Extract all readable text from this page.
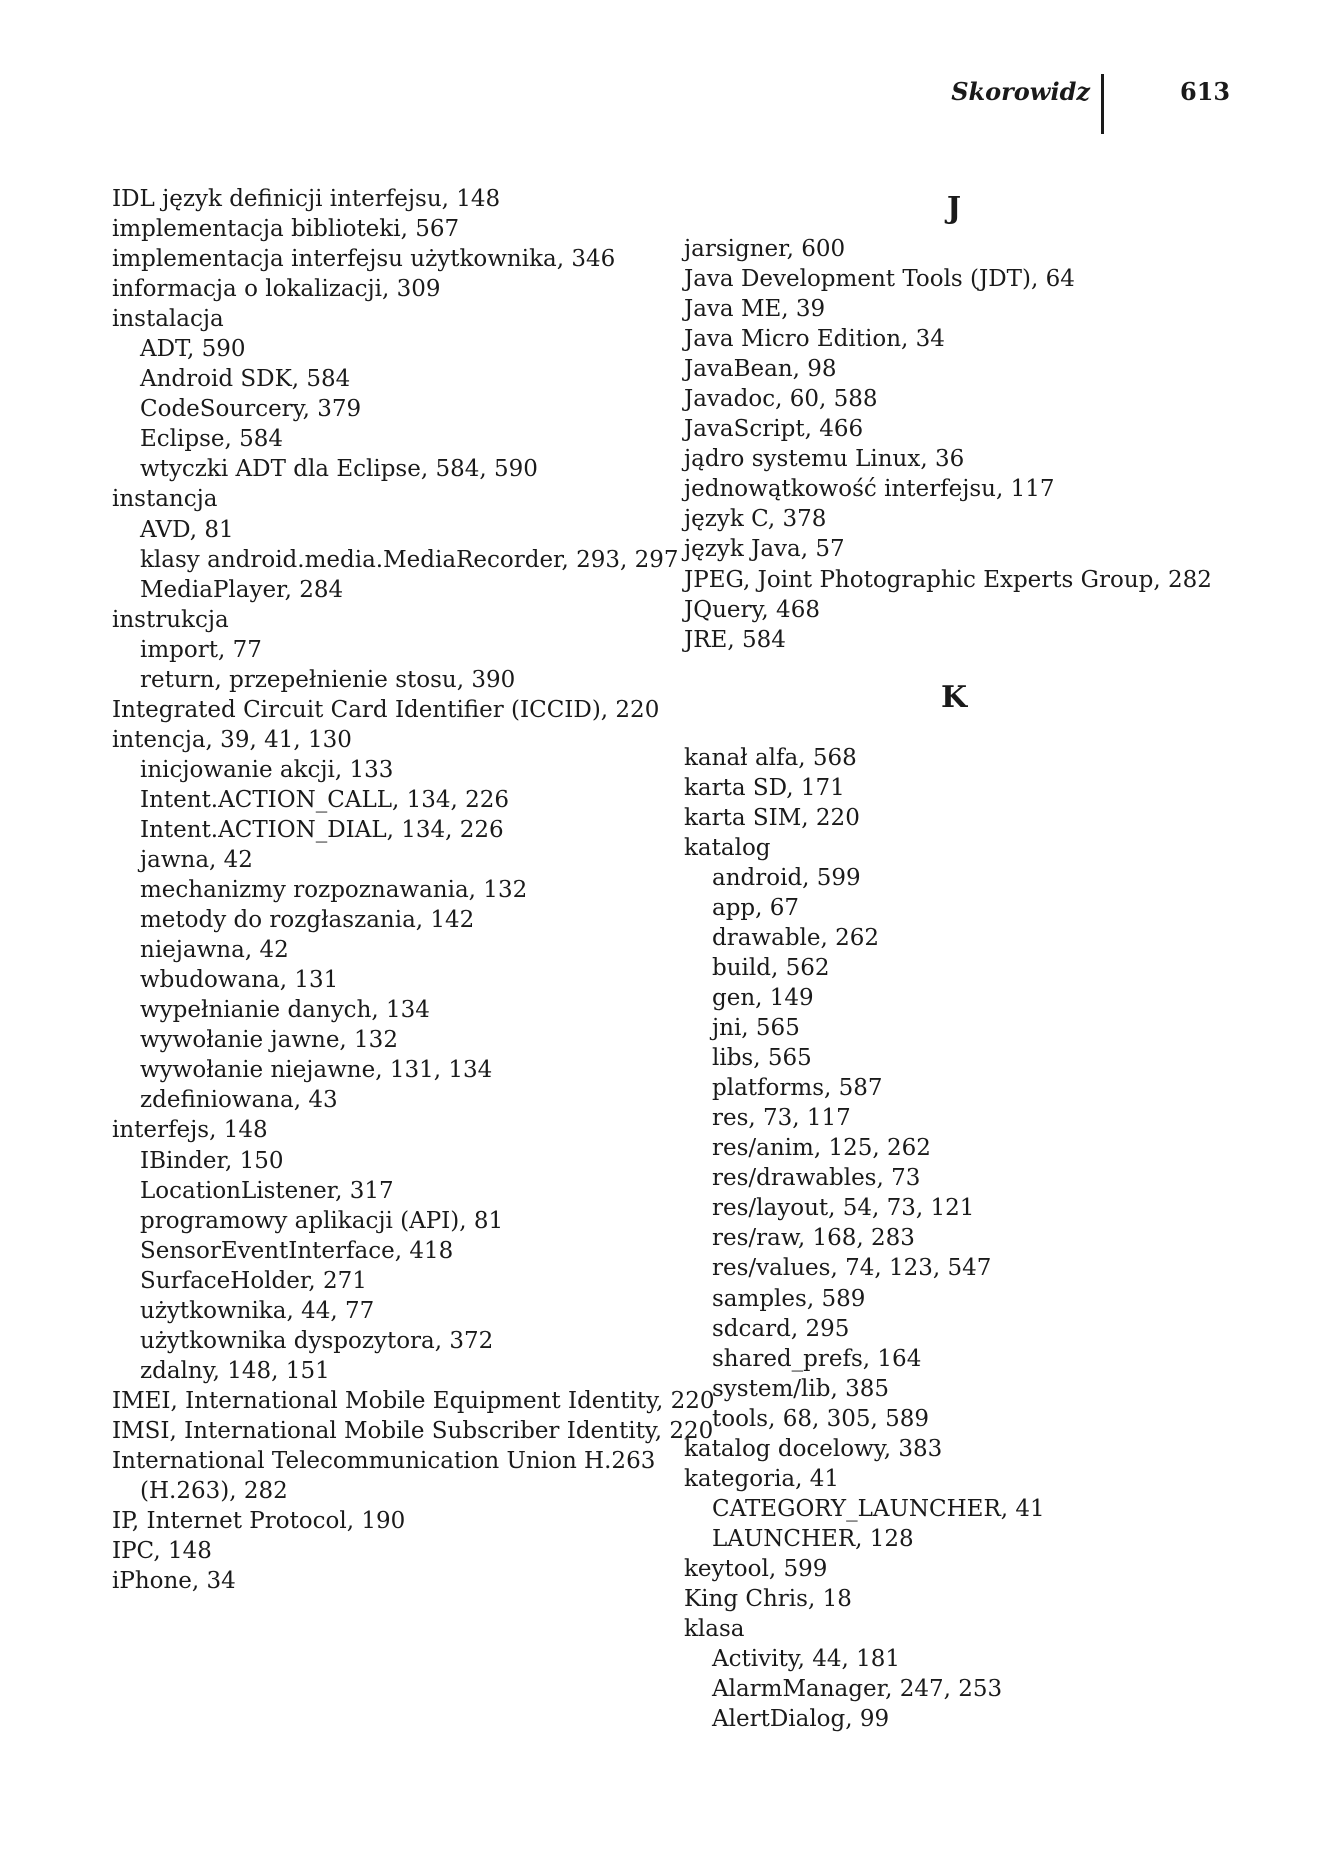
Skorowidz	613
IDL język definicji interfejsu, 148
implementacja biblioteki, 567
implementacja interfejsu użytkownika, 346
informacja o lokalizacji, 309
instalacja
ADT, 590
Android SDK, 584
CodeSourcery, 379
Eclipse, 584
wtyczki ADT dla Eclipse, 584, 590
instancja
AVD, 81
klasy android.media.MediaRecorder, 293, 297
MediaPlayer, 284
instrukcja
import, 77
return, przepełnienie stosu, 390
Integrated Circuit Card Identifier (ICCID), 220
intencja, 39, 41, 130
inicjowanie akcji, 133
Intent.ACTION_CALL, 134, 226
Intent.ACTION_DIAL, 134, 226
jawna, 42
mechanizmy rozpoznawania, 132
metody do rozgłaszania, 142
niejawna, 42
wbudowana, 131
wypełnianie danych, 134
wywołanie jawne, 132
wywołanie niejawne, 131, 134
zdefiniowana, 43
interfejs, 148
IBinder, 150
LocationListener, 317
programowy aplikacji (API), 81
SensorEventInterface, 418
SurfaceHolder, 271
użytkownika, 44, 77
użytkownika dyspozytora, 372
zdalny, 148, 151
IMEI, International Mobile Equipment Identity, 220
IMSI, International Mobile Subscriber Identity, 220
International Telecommunication Union H.263
(H.263), 282
IP, Internet Protocol, 190
IPC, 148
iPhone, 34
J
jarsigner, 600
Java Development Tools (JDT), 64
Java ME, 39
Java Micro Edition, 34
JavaBean, 98
Javadoc, 60, 588
JavaScript, 466
jądro systemu Linux, 36
jednowątkowość interfejsu, 117
język C, 378
język Java, 57
JPEG, Joint Photographic Experts Group, 282
JQuery, 468
JRE, 584
K
kanał alfa, 568
karta SD, 171
karta SIM, 220
katalog
android, 599
app, 67
drawable, 262
build, 562
gen, 149
jni, 565
libs, 565
platforms, 587
res, 73, 117
res/anim, 125, 262
res/drawables, 73
res/layout, 54, 73, 121
res/raw, 168, 283
res/values, 74, 123, 547
samples, 589
sdcard, 295
shared_prefs, 164
system/lib, 385
tools, 68, 305, 589
katalog docelowy, 383
kategoria, 41
CATEGORY_LAUNCHER, 41
LAUNCHER, 128
keytool, 599
King Chris, 18
klasa
Activity, 44, 181
AlarmManager, 247, 253
AlertDialog, 99
